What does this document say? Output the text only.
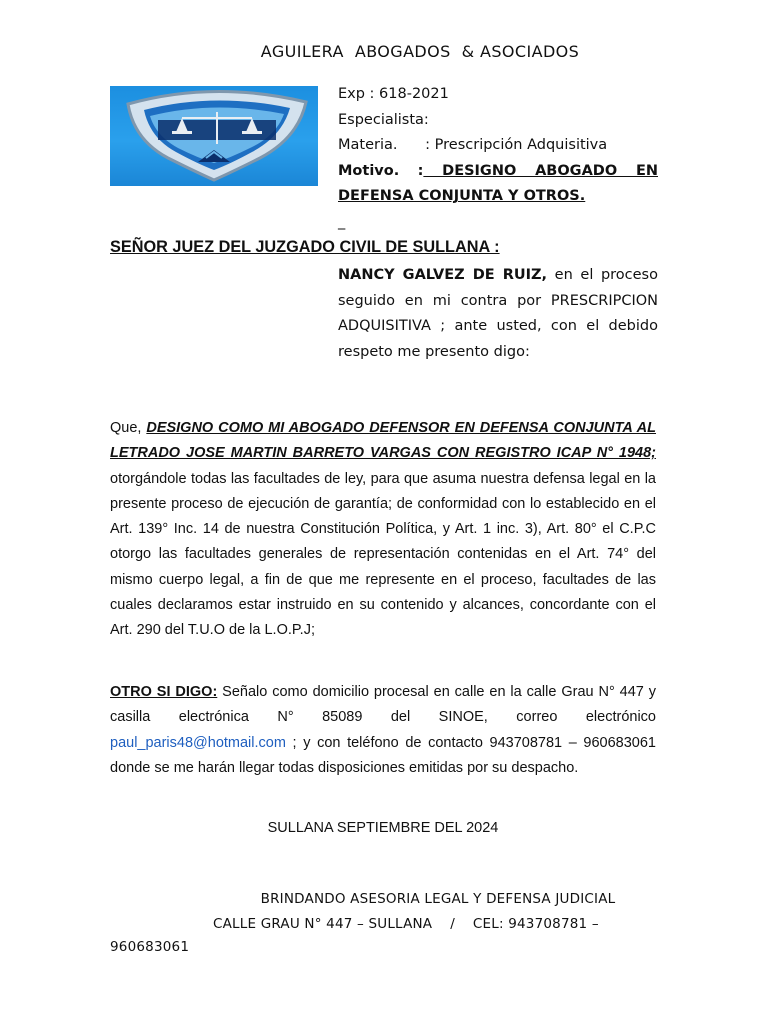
AGUILERA  ABOGADOS  & ASOCIADOS
Exp : 618-2021
Especialista:
Materia. : Prescripción Adquisitiva
Motivo. : DESIGNO ABOGADO EN
DEFENSA CONJUNTA Y OTROS.
_
SEÑOR JUEZ DEL JUZGADO CIVIL DE SULLANA :
NANCY GALVEZ DE RUIZ, en el proceso seguido en mi contra por PRESCRIPCION ADQUISITIVA ; ante usted, con el debido respeto me presento digo:
Que, DESIGNO COMO MI ABOGADO DEFENSOR EN DEFENSA CONJUNTA AL LETRADO JOSE MARTIN BARRETO VARGAS CON REGISTRO ICAP N° 1948; otorgándole todas las facultades de ley, para que asuma nuestra defensa legal en la presente proceso de ejecución de garantía; de conformidad con lo establecido en el Art. 139° Inc. 14 de nuestra Constitución Política, y Art. 1 inc. 3), Art. 80° el C.P.C otorgo las facultades generales de representación contenidas en el Art. 74° del mismo cuerpo legal, a fin de que me represente en el proceso, facultades de las cuales declaramos estar instruido en su contenido y alcances, concordante con el Art. 290 del T.U.O de la L.O.P.J;
OTRO SI DIGO: Señalo como domicilio procesal en calle en la calle Grau N° 447 y casilla electrónica N° 85089 del SINOE, correo electrónico paul_paris48@hotmail.com ; y con teléfono de contacto 943708781 – 960683061 donde se me harán llegar todas disposiciones emitidas por su despacho.
SULLANA SEPTIEMBRE DEL 2024
BRINDANDO ASESORIA LEGAL Y DEFENSA JUDICIAL
CALLE GRAU N° 447 – SULLANA    /    CEL: 943708781 –
960683061
